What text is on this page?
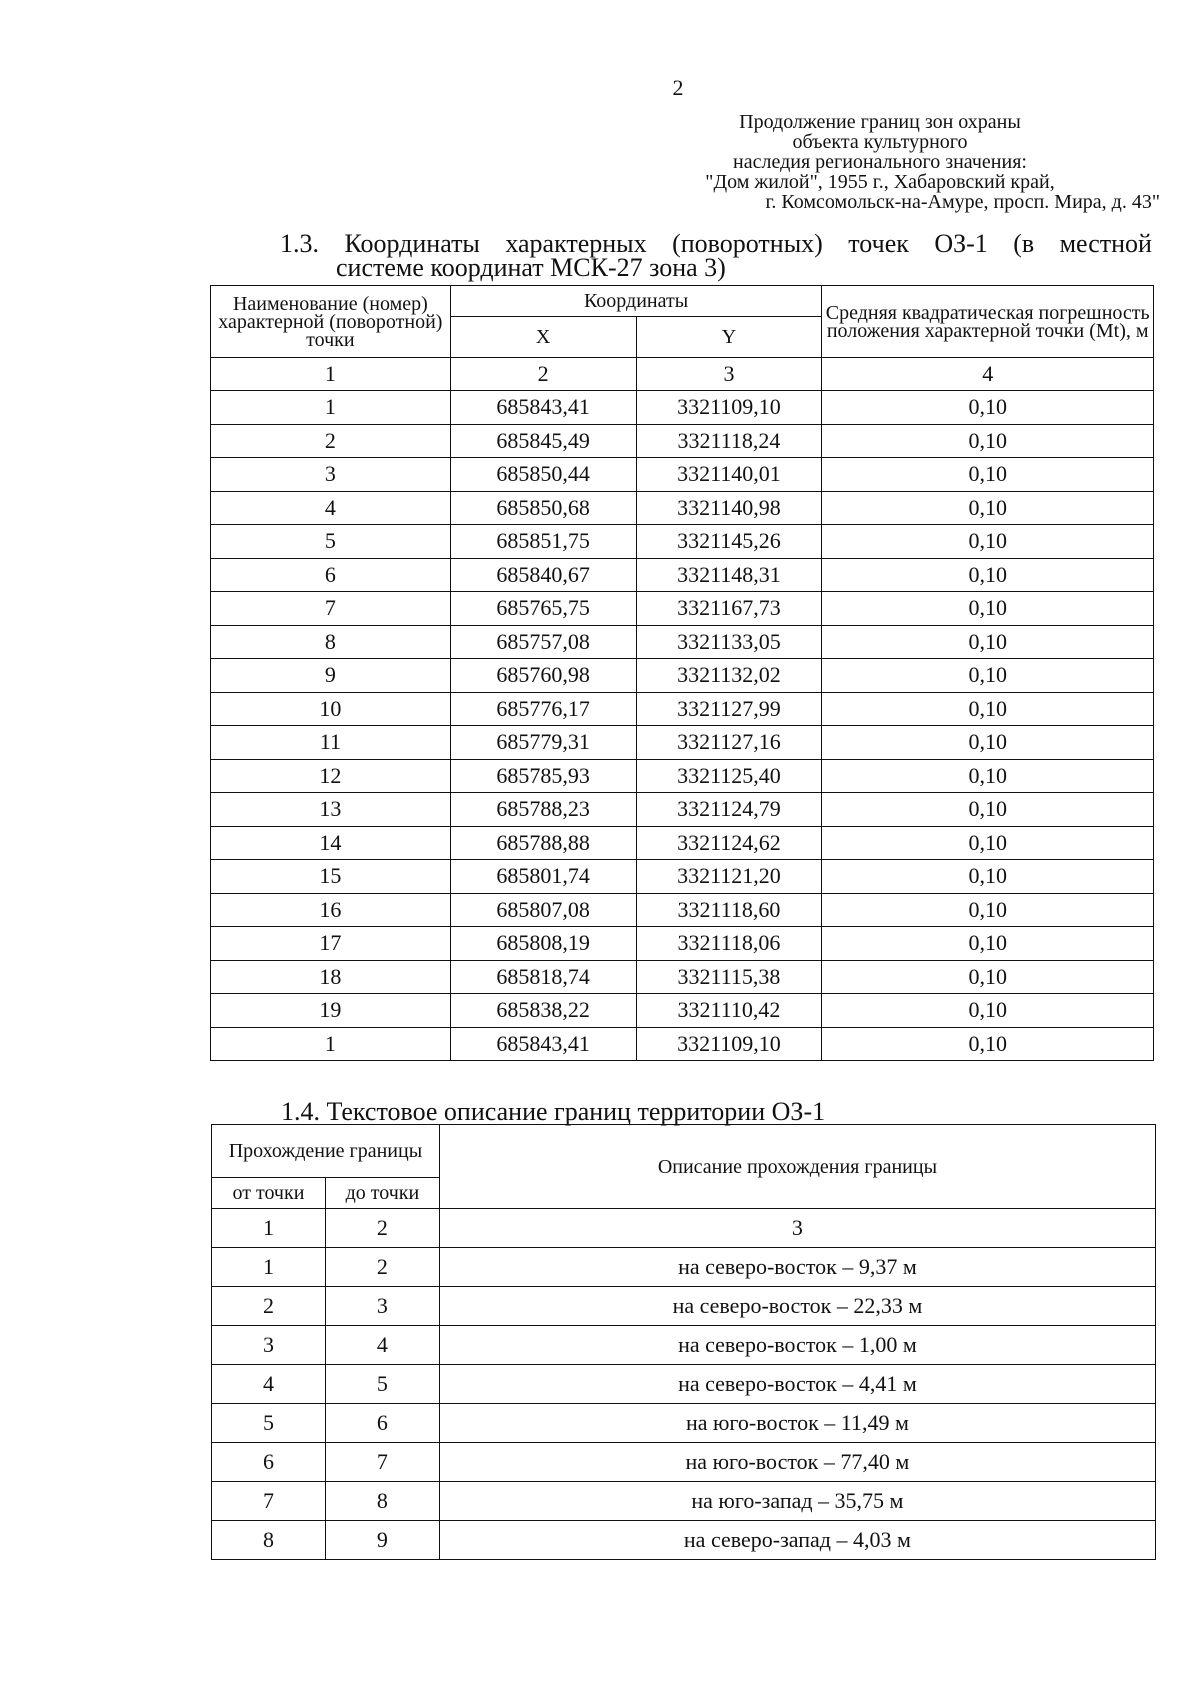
2
Продолжение границ зон охраны
объекта культурного
наследия регионального значения:
"Дом жилой", 1955 г., Хабаровский край,
г. Комсомольск-на-Амуре, просп. Мира, д. 43"
1.3. Координаты характерных (поворотных) точек ОЗ-1 (в местной
системе координат МСК-27 зона 3)
Наименование (номер) характерной (поворотной) точки	Координаты		Средняя квадратическая погрешность положения характерной точки (Mt), м
	X	Y	
1	2	3	4
1	685843,41	3321109,10	0,10
2	685845,49	3321118,24	0,10
3	685850,44	3321140,01	0,10
4	685850,68	3321140,98	0,10
5	685851,75	3321145,26	0,10
6	685840,67	3321148,31	0,10
7	685765,75	3321167,73	0,10
8	685757,08	3321133,05	0,10
9	685760,98	3321132,02	0,10
10	685776,17	3321127,99	0,10
11	685779,31	3321127,16	0,10
12	685785,93	3321125,40	0,10
13	685788,23	3321124,79	0,10
14	685788,88	3321124,62	0,10
15	685801,74	3321121,20	0,10
16	685807,08	3321118,60	0,10
17	685808,19	3321118,06	0,10
18	685818,74	3321115,38	0,10
19	685838,22	3321110,42	0,10
1	685843,41	3321109,10	0,10
1.4. Текстовое описание границ территории ОЗ-1
Прохождение границы		Описание прохождения границы
от точки	до точки	
1	2	3
1	2	на северо-восток – 9,37 м
2	3	на северо-восток – 22,33 м
3	4	на северо-восток – 1,00 м
4	5	на северо-восток – 4,41 м
5	6	на юго-восток – 11,49 м
6	7	на юго-восток – 77,40 м
7	8	на юго-запад – 35,75 м
8	9	на северо-запад – 4,03 м
